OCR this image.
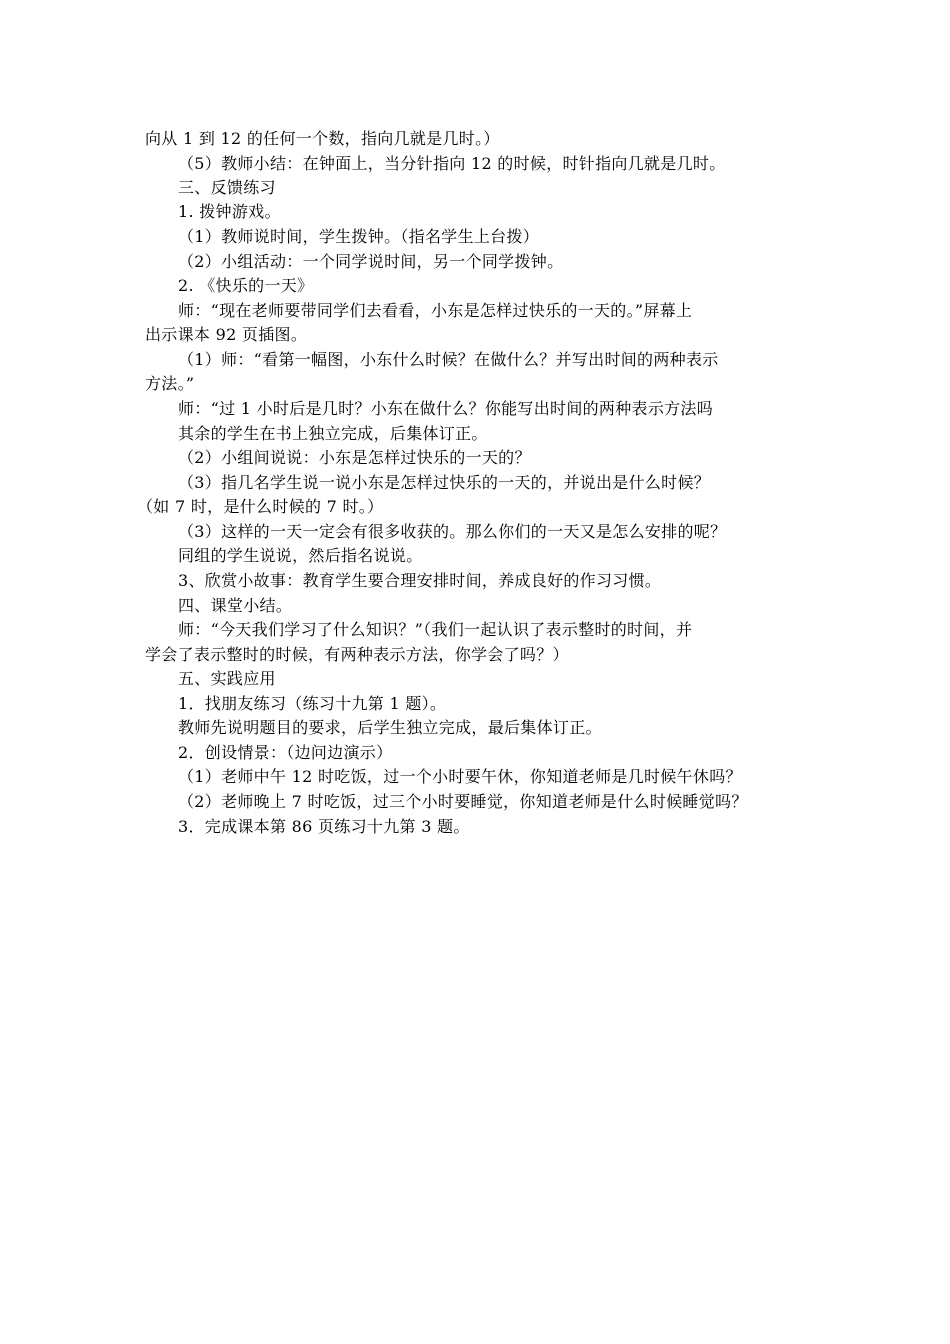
向从 1 到 12 的任何一个数，指向几就是几时。）
（5）教师小结：在钟面上，当分针指向 12 的时候，时针指向几就是几时。
三、反馈练习
1. 拨钟游戏。
（1）教师说时间，学生拨钟。（指名学生上台拨）
（2）小组活动：一个同学说时间，另一个同学拨钟。
2. 《快乐的一天》
师：“现在老师要带同学们去看看，小东是怎样过快乐的一天的。”屏幕上
出示课本 92 页插图。
（1）师：“看第一幅图，小东什么时候？在做什么？并写出时间的两种表示
方法。”
师：“过 1 小时后是几时？小东在做什么？你能写出时间的两种表示方法吗
其余的学生在书上独立完成，后集体订正。
（2）小组间说说：小东是怎样过快乐的一天的？
（3）指几名学生说一说小东是怎样过快乐的一天的，并说出是什么时候？
（如 7 时，是什么时候的 7 时。）
（3）这样的一天一定会有很多收获的。那么你们的一天又是怎么安排的呢？
同组的学生说说，然后指名说说。
3、欣赏小故事：教育学生要合理安排时间，养成良好的作习习惯。
四、课堂小结。
师：“今天我们学习了什么知识？”（我们一起认识了表示整时的时间，并
学会了表示整时的时候，有两种表示方法，你学会了吗？）
五、实践应用
1．找朋友练习（练习十九第 1 题）。
教师先说明题目的要求，后学生独立完成，最后集体订正。
2．创设情景：（边问边演示）
（1）老师中午 12 时吃饭，过一个小时要午休，你知道老师是几时候午休吗？
（2）老师晚上 7 时吃饭，过三个小时要睡觉，你知道老师是什么时候睡觉吗？
3．完成课本第 86 页练习十九第 3 题。
